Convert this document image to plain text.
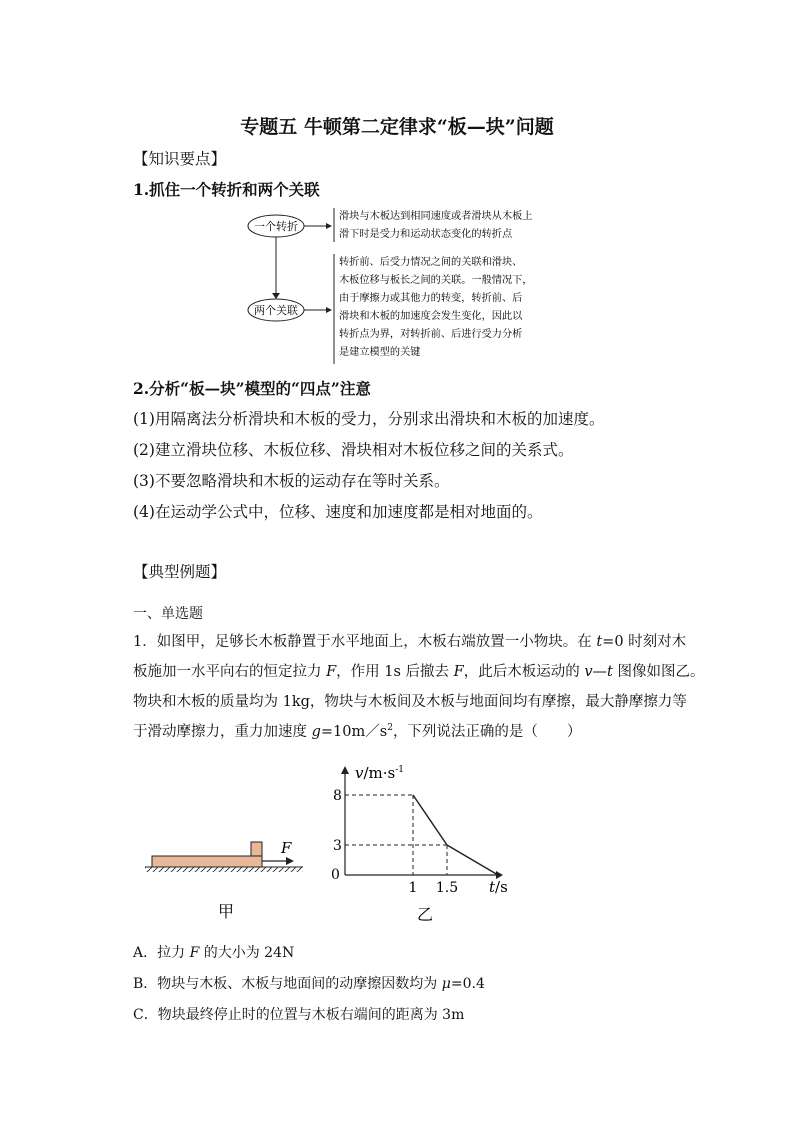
专题五 牛顿第二定律求“板—块”问题
【知识要点】
1.抓住一个转折和两个关联
一个转折
两个关联
滑块与木板达到相同速度或者滑块从木板上
滑下时是受力和运动状态变化的转折点
转折前、后受力情况之间的关联和滑块、
木板位移与板长之间的关联。一般情况下，
由于摩擦力或其他力的转变，转折前、后
滑块和木板的加速度会发生变化，因此以
转折点为界，对转折前、后进行受力分析
是建立模型的关键
2.分析“板—块”模型的“四点”注意
(1)用隔离法分析滑块和木板的受力，分别求出滑块和木板的加速度。
(2)建立滑块位移、木板位移、滑块相对木板位移之间的关系式。
(3)不要忽略滑块和木板的运动存在等时关系。
(4)在运动学公式中，位移、速度和加速度都是相对地面的。
【典型例题】
一、单选题
1．如图甲，足够长木板静置于水平地面上，木板右端放置一小物块。在 t=0 时刻对木
板施加一水平向右的恒定拉力 F，作用 1s 后撤去 F，此后木板运动的 v—t 图像如图乙。
物块和木板的质量均为 1kg，物块与木板间及木板与地面间均有摩擦，最大静摩擦力等
于滑动摩擦力，重力加速度 $g=10m/s^2$，下列说法正确的是（　　）
F
甲
$v/m\cdot s^{-1}$
t/s
0
8
3
1 1.5
乙
A．拉力 F 的大小为 24N
B．物块与木板、木板与地面间的动摩擦因数均为 μ=0.4
C．物块最终停止时的位置与木板右端间的距离为 3m
